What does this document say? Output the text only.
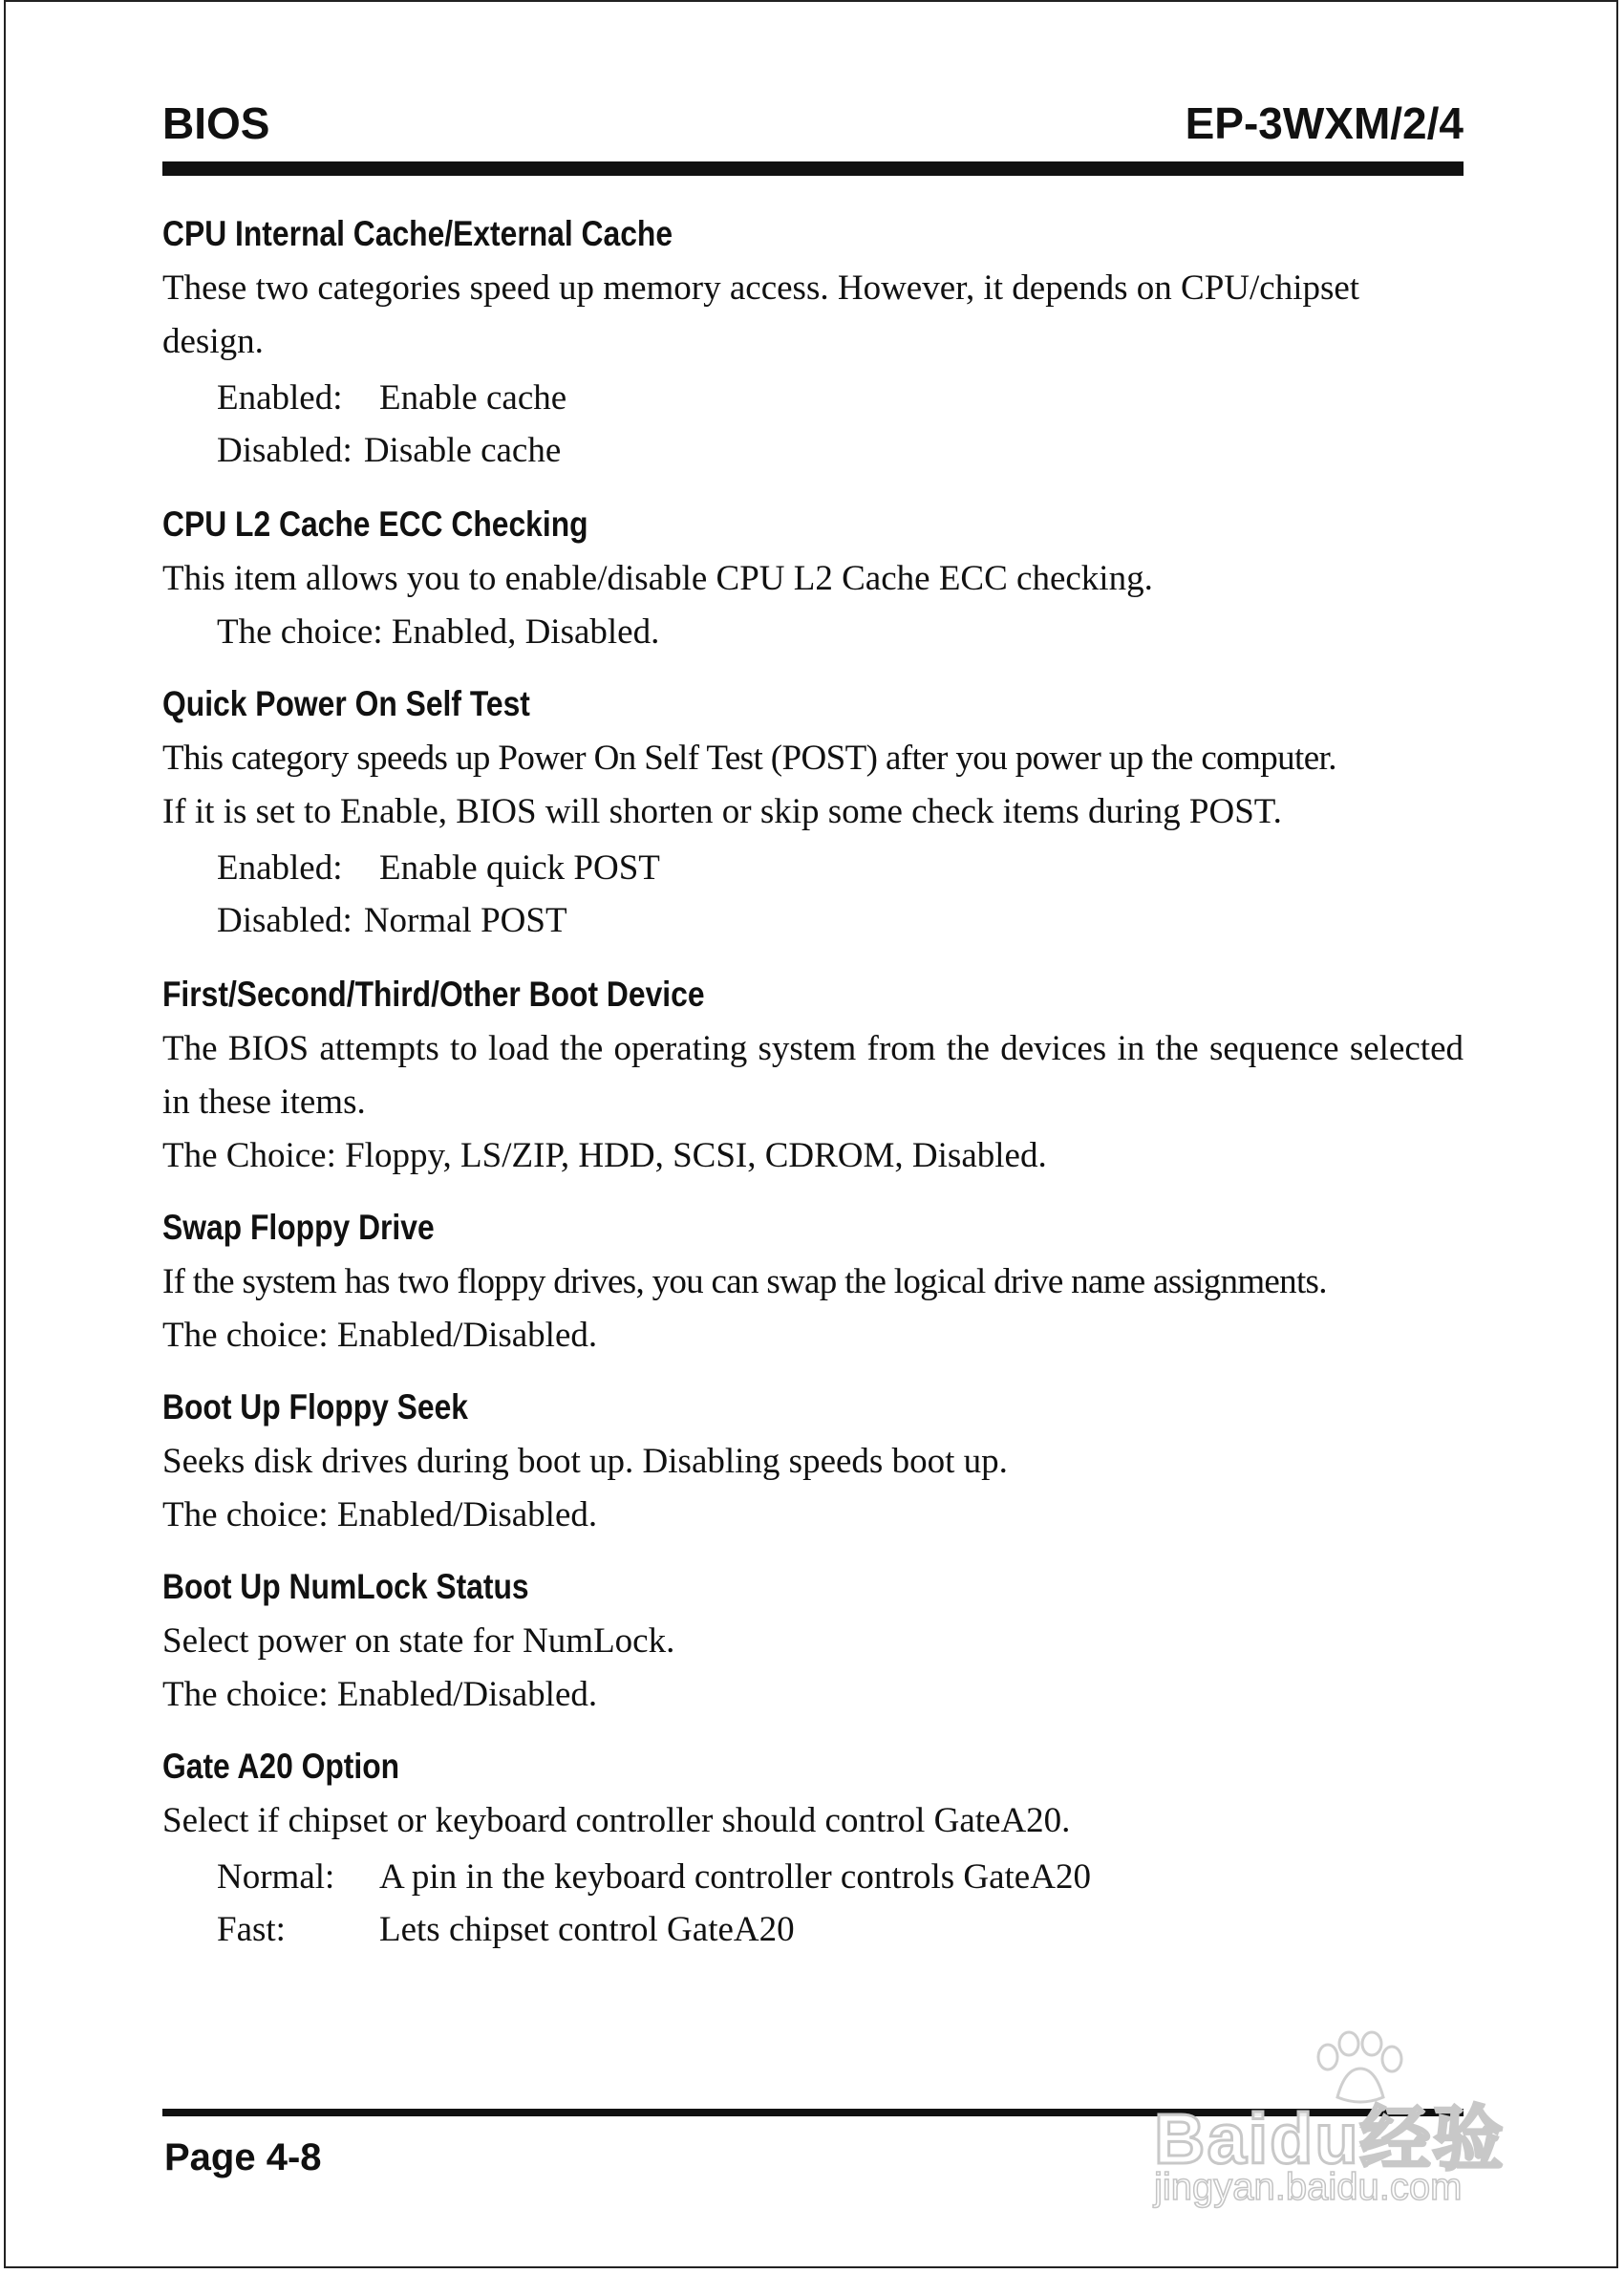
BIOS	EP-3WXM/2/4
CPU Internal Cache/External Cache

These two categories speed up memory access. However, it depends on CPU/chipset design.

Enabled:	Enable cache
Disabled: Disable cache
CPU L2 Cache ECC Checking

This item allows you to enable/disable CPU L2 Cache ECC checking.

The choice: Enabled, Disabled.

Quick Power On Self Test

This category speeds up Power On Self Test (POST) after you power up the computer.

If it is set to Enable, BIOS will shorten or skip some check items during POST.

Enabled:	Enable quick POST
Disabled: Normal POST
First/Second/Third/Other Boot Device

The BIOS attempts to load the operating system from the devices in the sequence selected in these items.

The Choice: Floppy, LS/ZIP, HDD, SCSI, CDROM, Disabled.

Swap Floppy Drive

If the system has two floppy drives, you can swap the logical drive name assignments.

The choice: Enabled/Disabled.

Boot Up Floppy Seek

Seeks disk drives during boot up. Disabling speeds boot up.

The choice: Enabled/Disabled.

Boot Up NumLock Status

Select power on state for NumLock.

The choice: Enabled/Disabled.

Gate A20 Option

Select if chipset or keyboard controller should control GateA20.

Normal:	A pin in the keyboard controller controls GateA20
Fast:	Lets chipset control GateA20
Page 4-8	Baidu经验
jingyan.baidu.com
